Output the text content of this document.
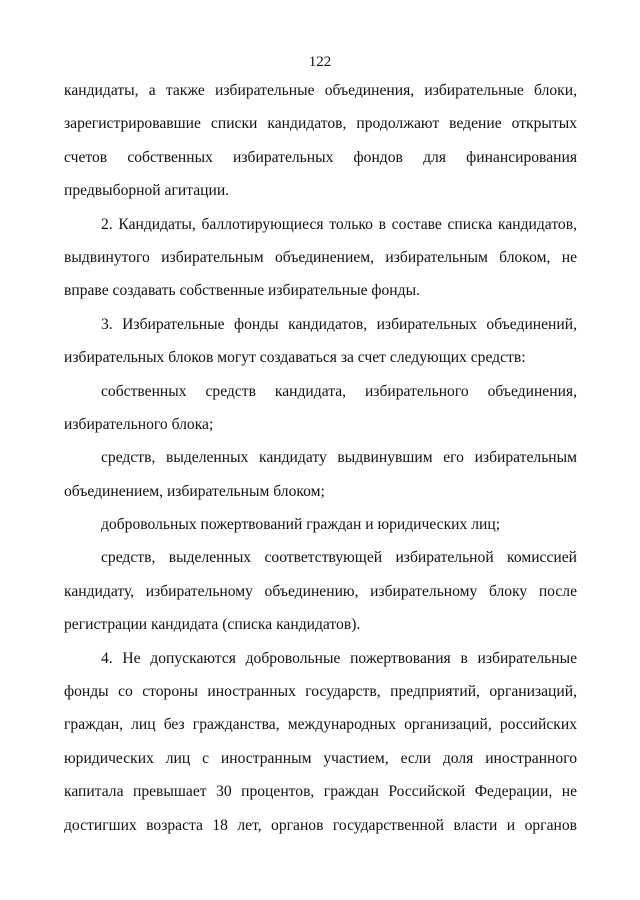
122
кандидаты, а также избирательные объединения, избирательные блоки,
зарегистрировавшие списки кандидатов, продолжают ведение открытых
счетов собственных избирательных фондов для финансирования
предвыборной агитации.
2. Кандидаты, баллотирующиеся только в составе списка кандидатов,
выдвинутого избирательным объединением, избирательным блоком, не
вправе создавать собственные избирательные фонды.
3. Избирательные фонды кандидатов, избирательных объединений,
избирательных блоков могут создаваться за счет следующих средств:
собственных средств кандидата, избирательного объединения,
избирательного блока;
средств, выделенных кандидату выдвинувшим его избирательным
объединением, избирательным блоком;
добровольных пожертвований граждан и юридических лиц;
средств, выделенных соответствующей избирательной комиссией
кандидату, избирательному объединению, избирательному блоку после
регистрации кандидата (списка кандидатов).
4. Не допускаются добровольные пожертвования в избирательные
фонды со стороны иностранных государств, предприятий, организаций,
граждан, лиц без гражданства, международных организаций, российских
юридических лиц с иностранным участием, если доля иностранного
капитала превышает 30 процентов, граждан Российской Федерации, не
достигших возраста 18 лет, органов государственной власти и органов
